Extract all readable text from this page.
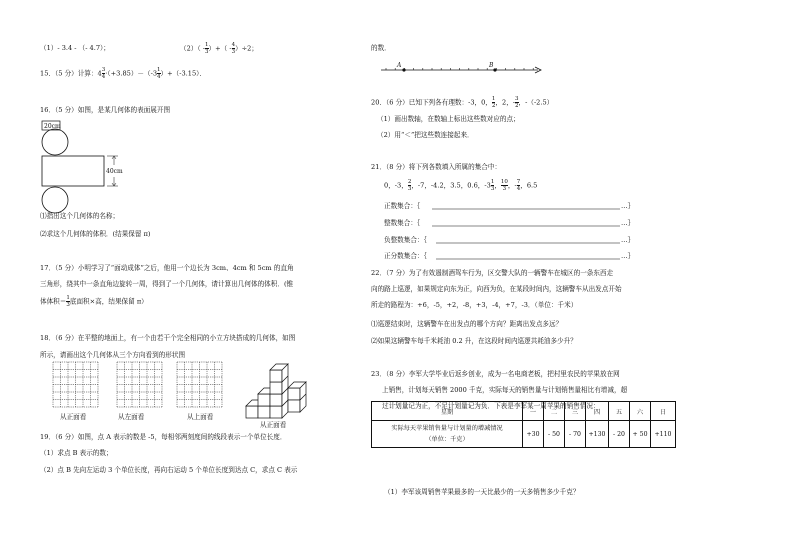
（1）- 3.4 - （- 4.7）；	$(2)( - \frac{1}{3}$ ）+（ - $\frac{4}{3} )\div 2$；
15．（5 分）计算：$4 \frac{3}{4} \cdot(+3.85)-(-3 \frac{1}{4} )+(-3.15)$．
16．（5 分）如图，是某几何体的表面展开图
20cm
40cm
⑴指出这个几何体的名称；
⑵求这个几何体的体积．(结果保留 π)
17．（5 分）小明学习了“面动成体”之后，他用一个边长为 3cm、4cm 和 5cm 的直角
三角形，绕其中一条直角边旋转一周，得到了一个几何体，请计算出几何体的体积．(锥
体体积＝ $\frac{1}{3}$ 底面积×高，结果保留 π）
18．（6 分）在平整的地面上，有一个由若干个完全相同的小立方块搭成的几何体，如图
所示，请画出这个几何体从三个方向看到的形状图
从正面看	从左面看	从上面看
从正面看
19．（6 分）如图，点 A 表示的数是 -5，每相邻两刻度间的线段表示一个单位长度．
（1）求点 B 表示的数；
（2）点 B 先向左运动 3 个单位长度，再向右运动 5 个单位长度到达点 C，求点 C 表示
的数．
A	B
20．（6 分）已知下列各有理数：-3，0， $\frac{1}{2}$ ，2，- $\frac{3}{2}$ ，-（-2.5）
（1）画出数轴，在数轴上标出这些数对应的点；
（2）用“＜”把这些数连接起来．
21．（8 分）将下列各数填入所属的集合中：
0，-3， $\frac{2}{3}$ ，-7，-4.2，3.5，0.6，$-3 \frac{1}{3}$ ， $\frac{10}{3}$ ，- $\frac{7}{4}$ ，6.5
正数集合：｛
整数集合：｛
负整数集合：｛
正分数集合：｛
…｝
…｝
…｝
…｝
22．（7 分）为了有效遏制酒驾车行为，区交警大队的一辆警车在城区的一条东西走
向的路上巡逻，如果规定向东为正，向西为负，在某段时间内，这辆警车从出发点开始
所走的路程为：+6，-5，+2，-8，+3，-4，+7，-3．（单位：千米）
⑴巡逻结束时，这辆警车在出发点的哪个方向？距离出发点多远？
⑵如果这辆警车每千米耗油 0.2 升，在这段时间内巡逻共耗油多少升？
23．（8 分）李军大学毕业后返乡创业，成为一名电商老板，把村里农民的苹果放在网
上销售，计划每天销售 2000 千克，实际每天的销售量与计划销售量相比有增减，超
过计划量记为正，不足计划量记为负．下表是李军某一周苹果的销售情况：
星期	一	二	三	四	五	六	日

实际每天苹果销售量与计划量的增减情况
（单位：千克）	+30	- 50	- 70	+130	- 20	+ 50	+110
（1）李军该周销售苹果最多的一天比最少的一天多销售多少千克？
